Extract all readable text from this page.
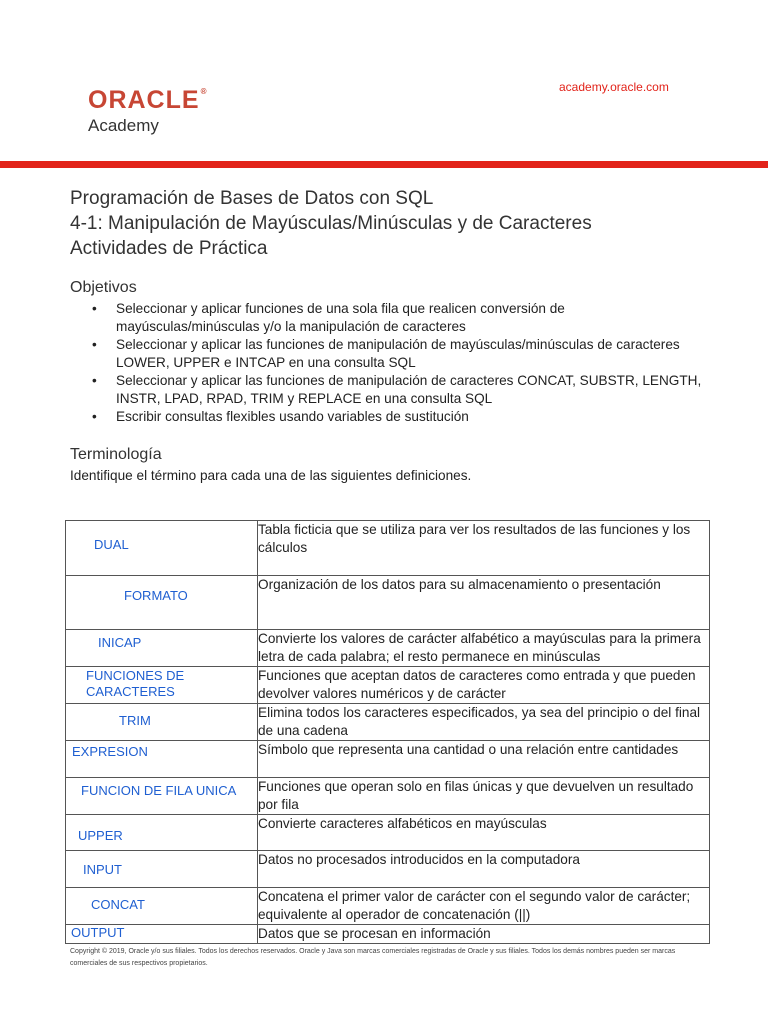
ORACLE®
Academy
academy.oracle.com
Programación de Bases de Datos con SQL
4-1: Manipulación de Mayúsculas/Minúsculas y de Caracteres
Actividades de Práctica
Objetivos
• Seleccionar y aplicar funciones de una sola fila que realicen conversión de mayúsculas/minúsculas y/o la manipulación de caracteres
• Seleccionar y aplicar las funciones de manipulación de mayúsculas/minúsculas de caracteres LOWER, UPPER e INTCAP en una consulta SQL
• Seleccionar y aplicar las funciones de manipulación de caracteres CONCAT, SUBSTR, LENGTH, INSTR, LPAD, RPAD, TRIM y REPLACE en una consulta SQL
• Escribir consultas flexibles usando variables de sustitución
Terminología
Identifique el término para cada una de las siguientes definiciones.
DUAL	Tabla ficticia que se utiliza para ver los resultados de las funciones y los cálculos

FORMATO	Organización de los datos para su almacenamiento o presentación

INICAP	Convierte los valores de carácter alfabético a mayúsculas para la primera letra de cada palabra; el resto permanece en minúsculas

FUNCIONES DE CARACTERES	Funciones que aceptan datos de caracteres como entrada y que pueden devolver valores numéricos y de carácter

TRIM	Elimina todos los caracteres especificados, ya sea del principio o del final de una cadena

EXPRESION	Símbolo que representa una cantidad o una relación entre cantidades

FUNCION DE FILA UNICA	Funciones que operan solo en filas únicas y que devuelven un resultado por fila

UPPER	Convierte caracteres alfabéticos en mayúsculas

INPUT	Datos no procesados introducidos en la computadora

CONCAT	Concatena el primer valor de carácter con el segundo valor de carácter; equivalente al operador de concatenación (||)

OUTPUT	Datos que se procesan en información
Copyright © 2019, Oracle y/o sus filiales. Todos los derechos reservados. Oracle y Java son marcas comerciales registradas de Oracle y sus filiales. Todos los demás nombres pueden ser marcas comerciales de sus respectivos propietarios.
